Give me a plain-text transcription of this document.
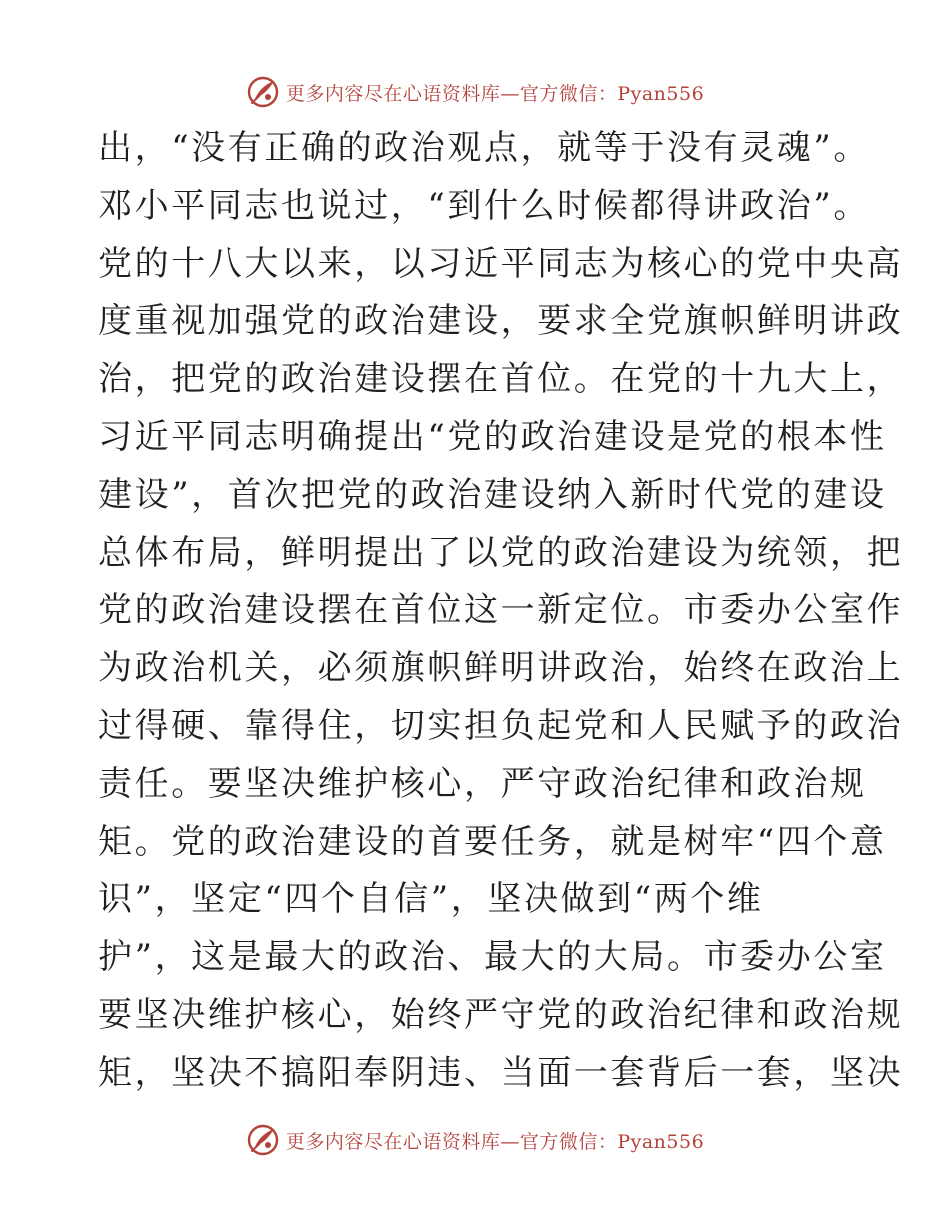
更多内容尽在心语资料库—官方微信：Pyan556
出，“没有正确的政治观点，就等于没有灵魂”。
邓小平同志也说过，“到什么时候都得讲政治”。
党的十八大以来，以习近平同志为核心的党中央高
度重视加强党的政治建设，要求全党旗帜鲜明讲政
治，把党的政治建设摆在首位。在党的十九大上，
习近平同志明确提出“党的政治建设是党的根本性
建设”，首次把党的政治建设纳入新时代党的建设
总体布局，鲜明提出了以党的政治建设为统领，把
党的政治建设摆在首位这一新定位。市委办公室作
为政治机关，必须旗帜鲜明讲政治，始终在政治上
过得硬、靠得住，切实担负起党和人民赋予的政治
责任。要坚决维护核心，严守政治纪律和政治规
矩。党的政治建设的首要任务，就是树牢“四个意
识”，坚定“四个自信”，坚决做到“两个维
护”，这是最大的政治、最大的大局。市委办公室
要坚决维护核心，始终严守党的政治纪律和政治规
矩，坚决不搞阳奉阴违、当面一套背后一套，坚决
更多内容尽在心语资料库—官方微信：Pyan556
